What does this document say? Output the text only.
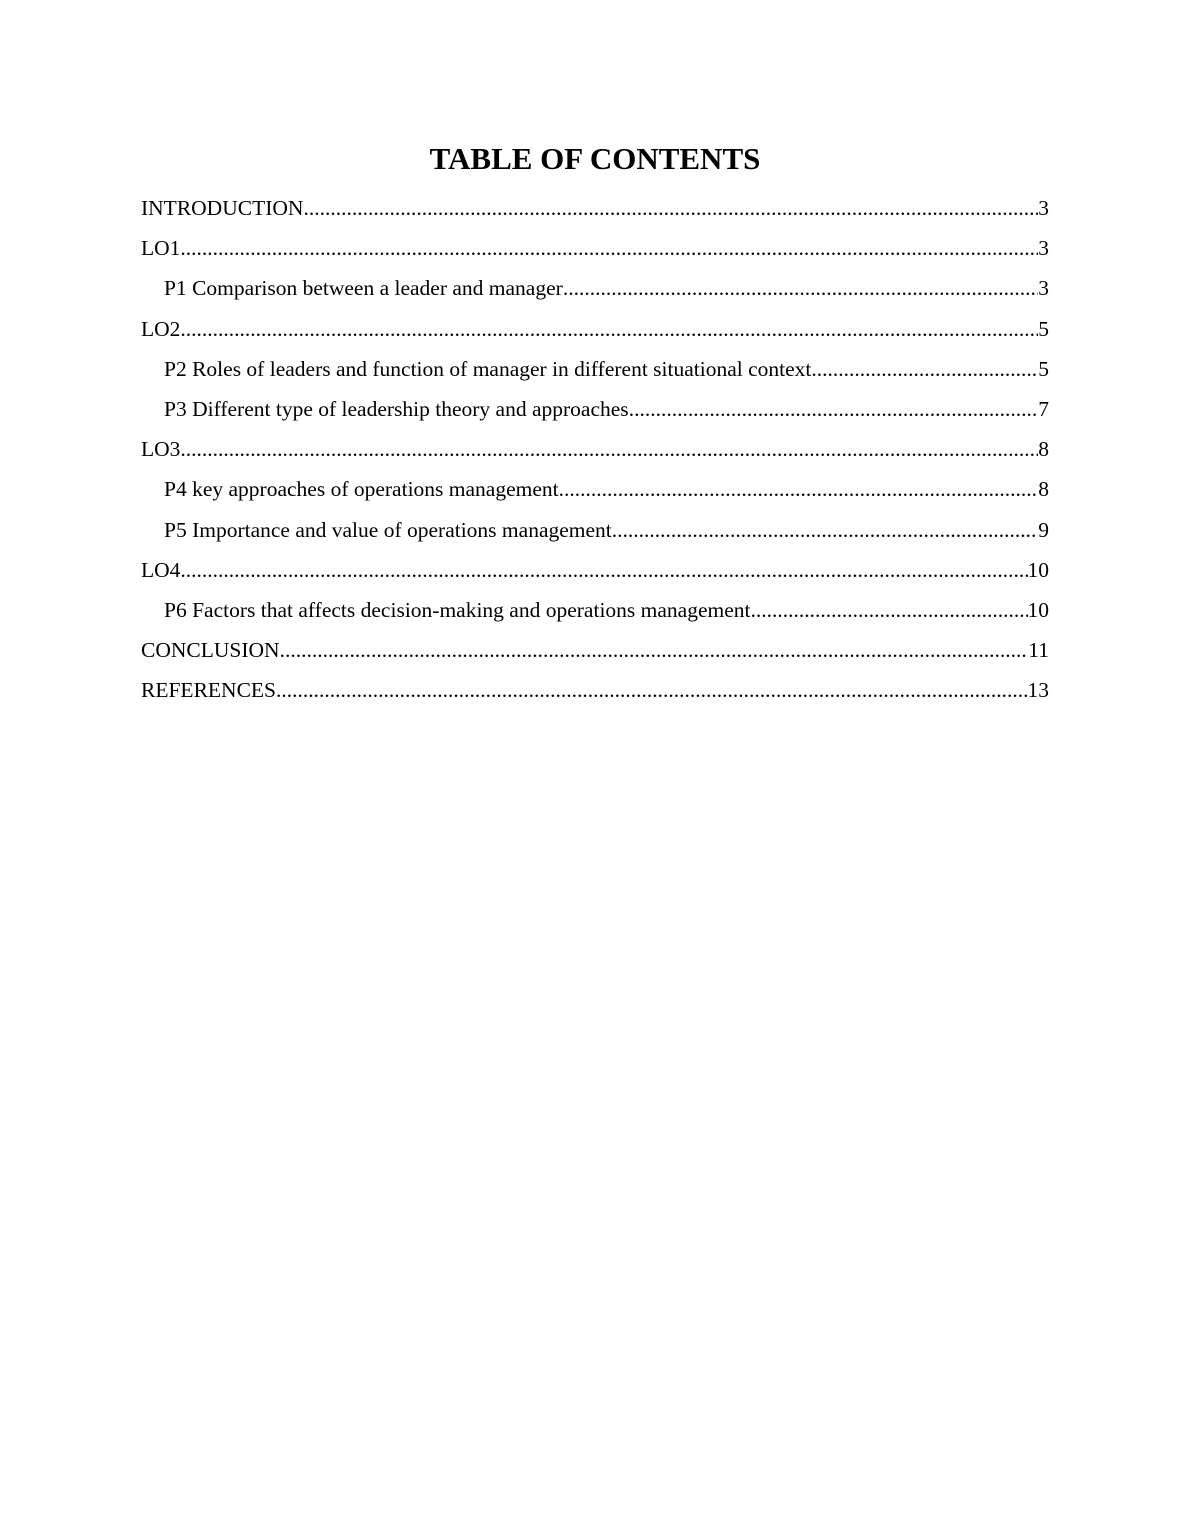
TABLE OF CONTENTS
INTRODUCTION .....	3
LO1 .....	3
P1 Comparison between a leader and manager .....	3
LO2 .....	5
P2 Roles of leaders and function of manager in different situational context .....	5
P3 Different type of leadership theory and approaches .....	7
LO3 .....	8
P4 key approaches of operations management .....	8
P5 Importance and value of operations management .....	9
LO4 .....	10
P6 Factors that affects decision-making and operations management .....	10
CONCLUSION .....	11
REFERENCES .....	13
